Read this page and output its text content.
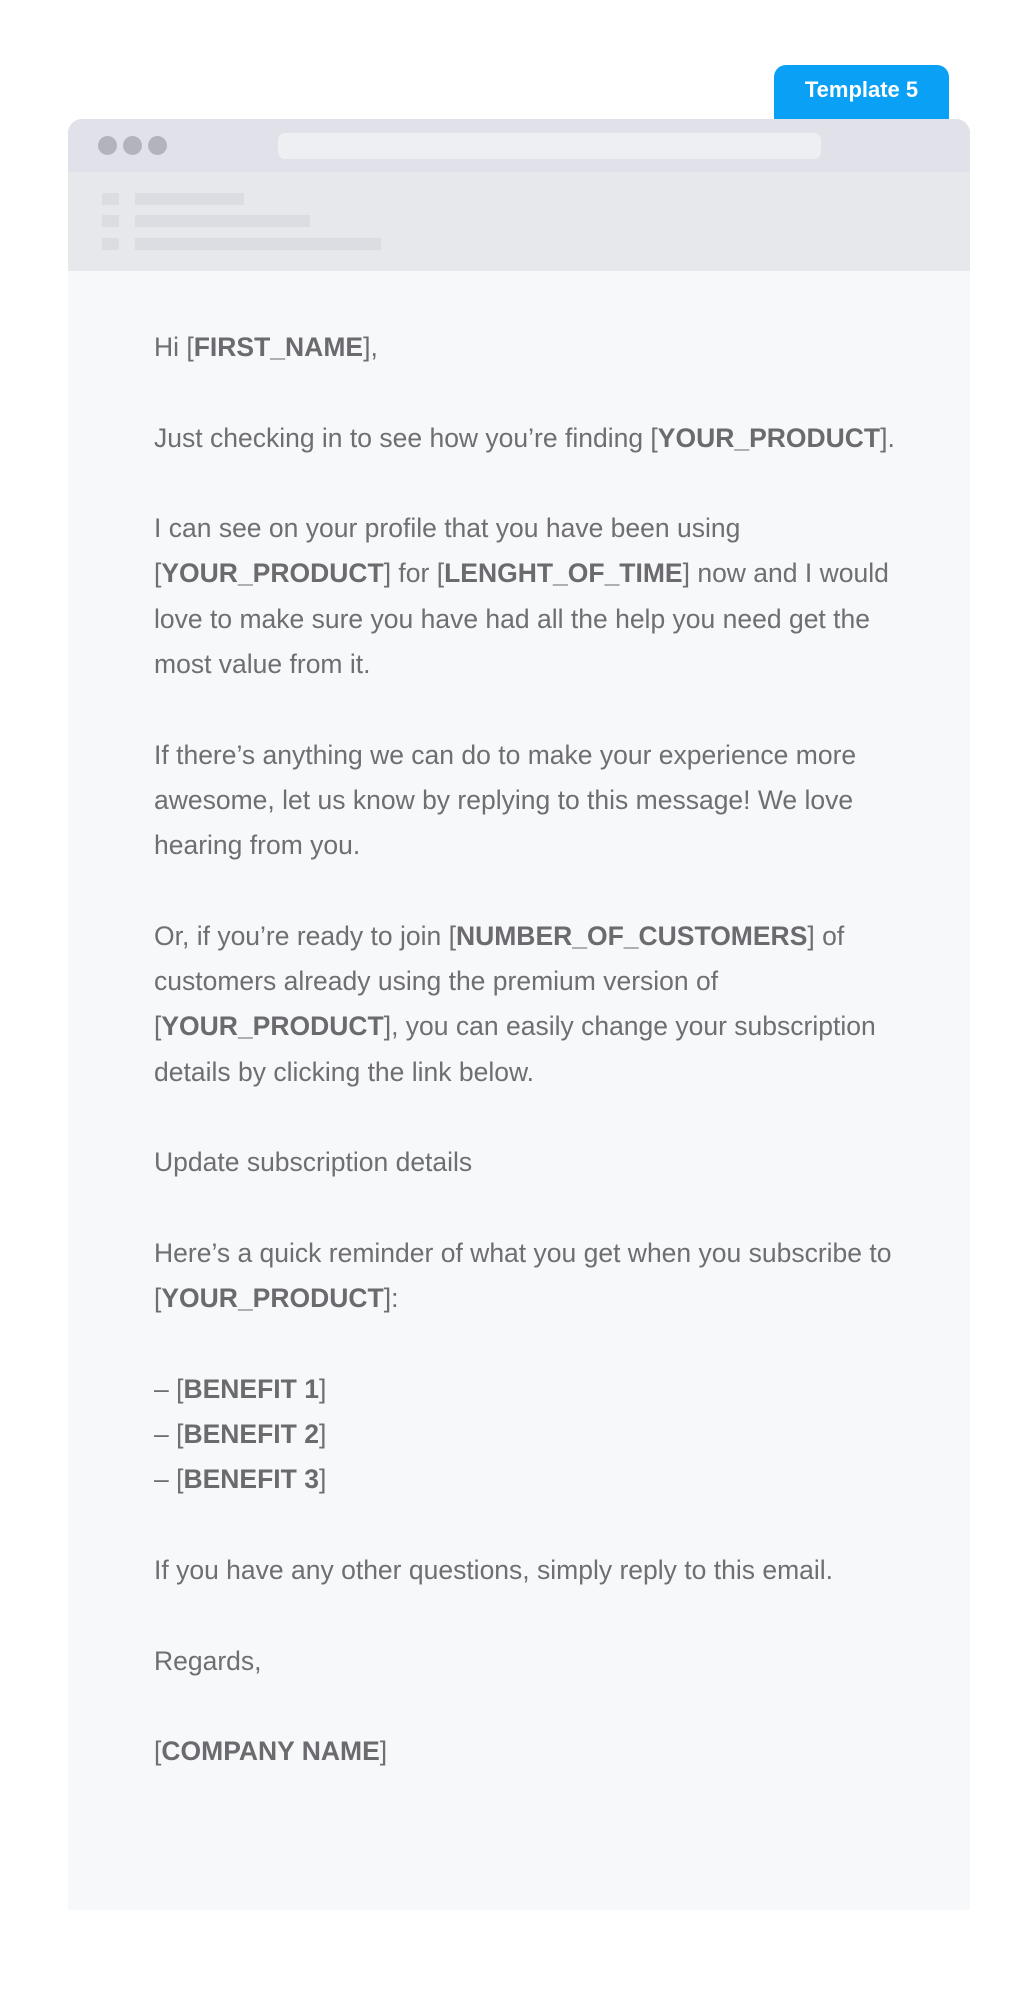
Template 5

Hi [FIRST_NAME],

Just checking in to see how you’re finding [YOUR_PRODUCT].

I can see on your profile that you have been using [YOUR_PRODUCT] for [LENGHT_OF_TIME] now and I would love to make sure you have had all the help you need get the most value from it.

If there’s anything we can do to make your experience more awesome, let us know by replying to this message! We love hearing from you.

Or, if you’re ready to join [NUMBER_OF_CUSTOMERS] of customers already using the premium version of [YOUR_PRODUCT], you can easily change your subscription details by clicking the link below.

Update subscription details

Here’s a quick reminder of what you get when you subscribe to [YOUR_PRODUCT]:

– [BENEFIT 1]
– [BENEFIT 2]
– [BENEFIT 3]

If you have any other questions, simply reply to this email.

Regards,

[COMPANY NAME]
